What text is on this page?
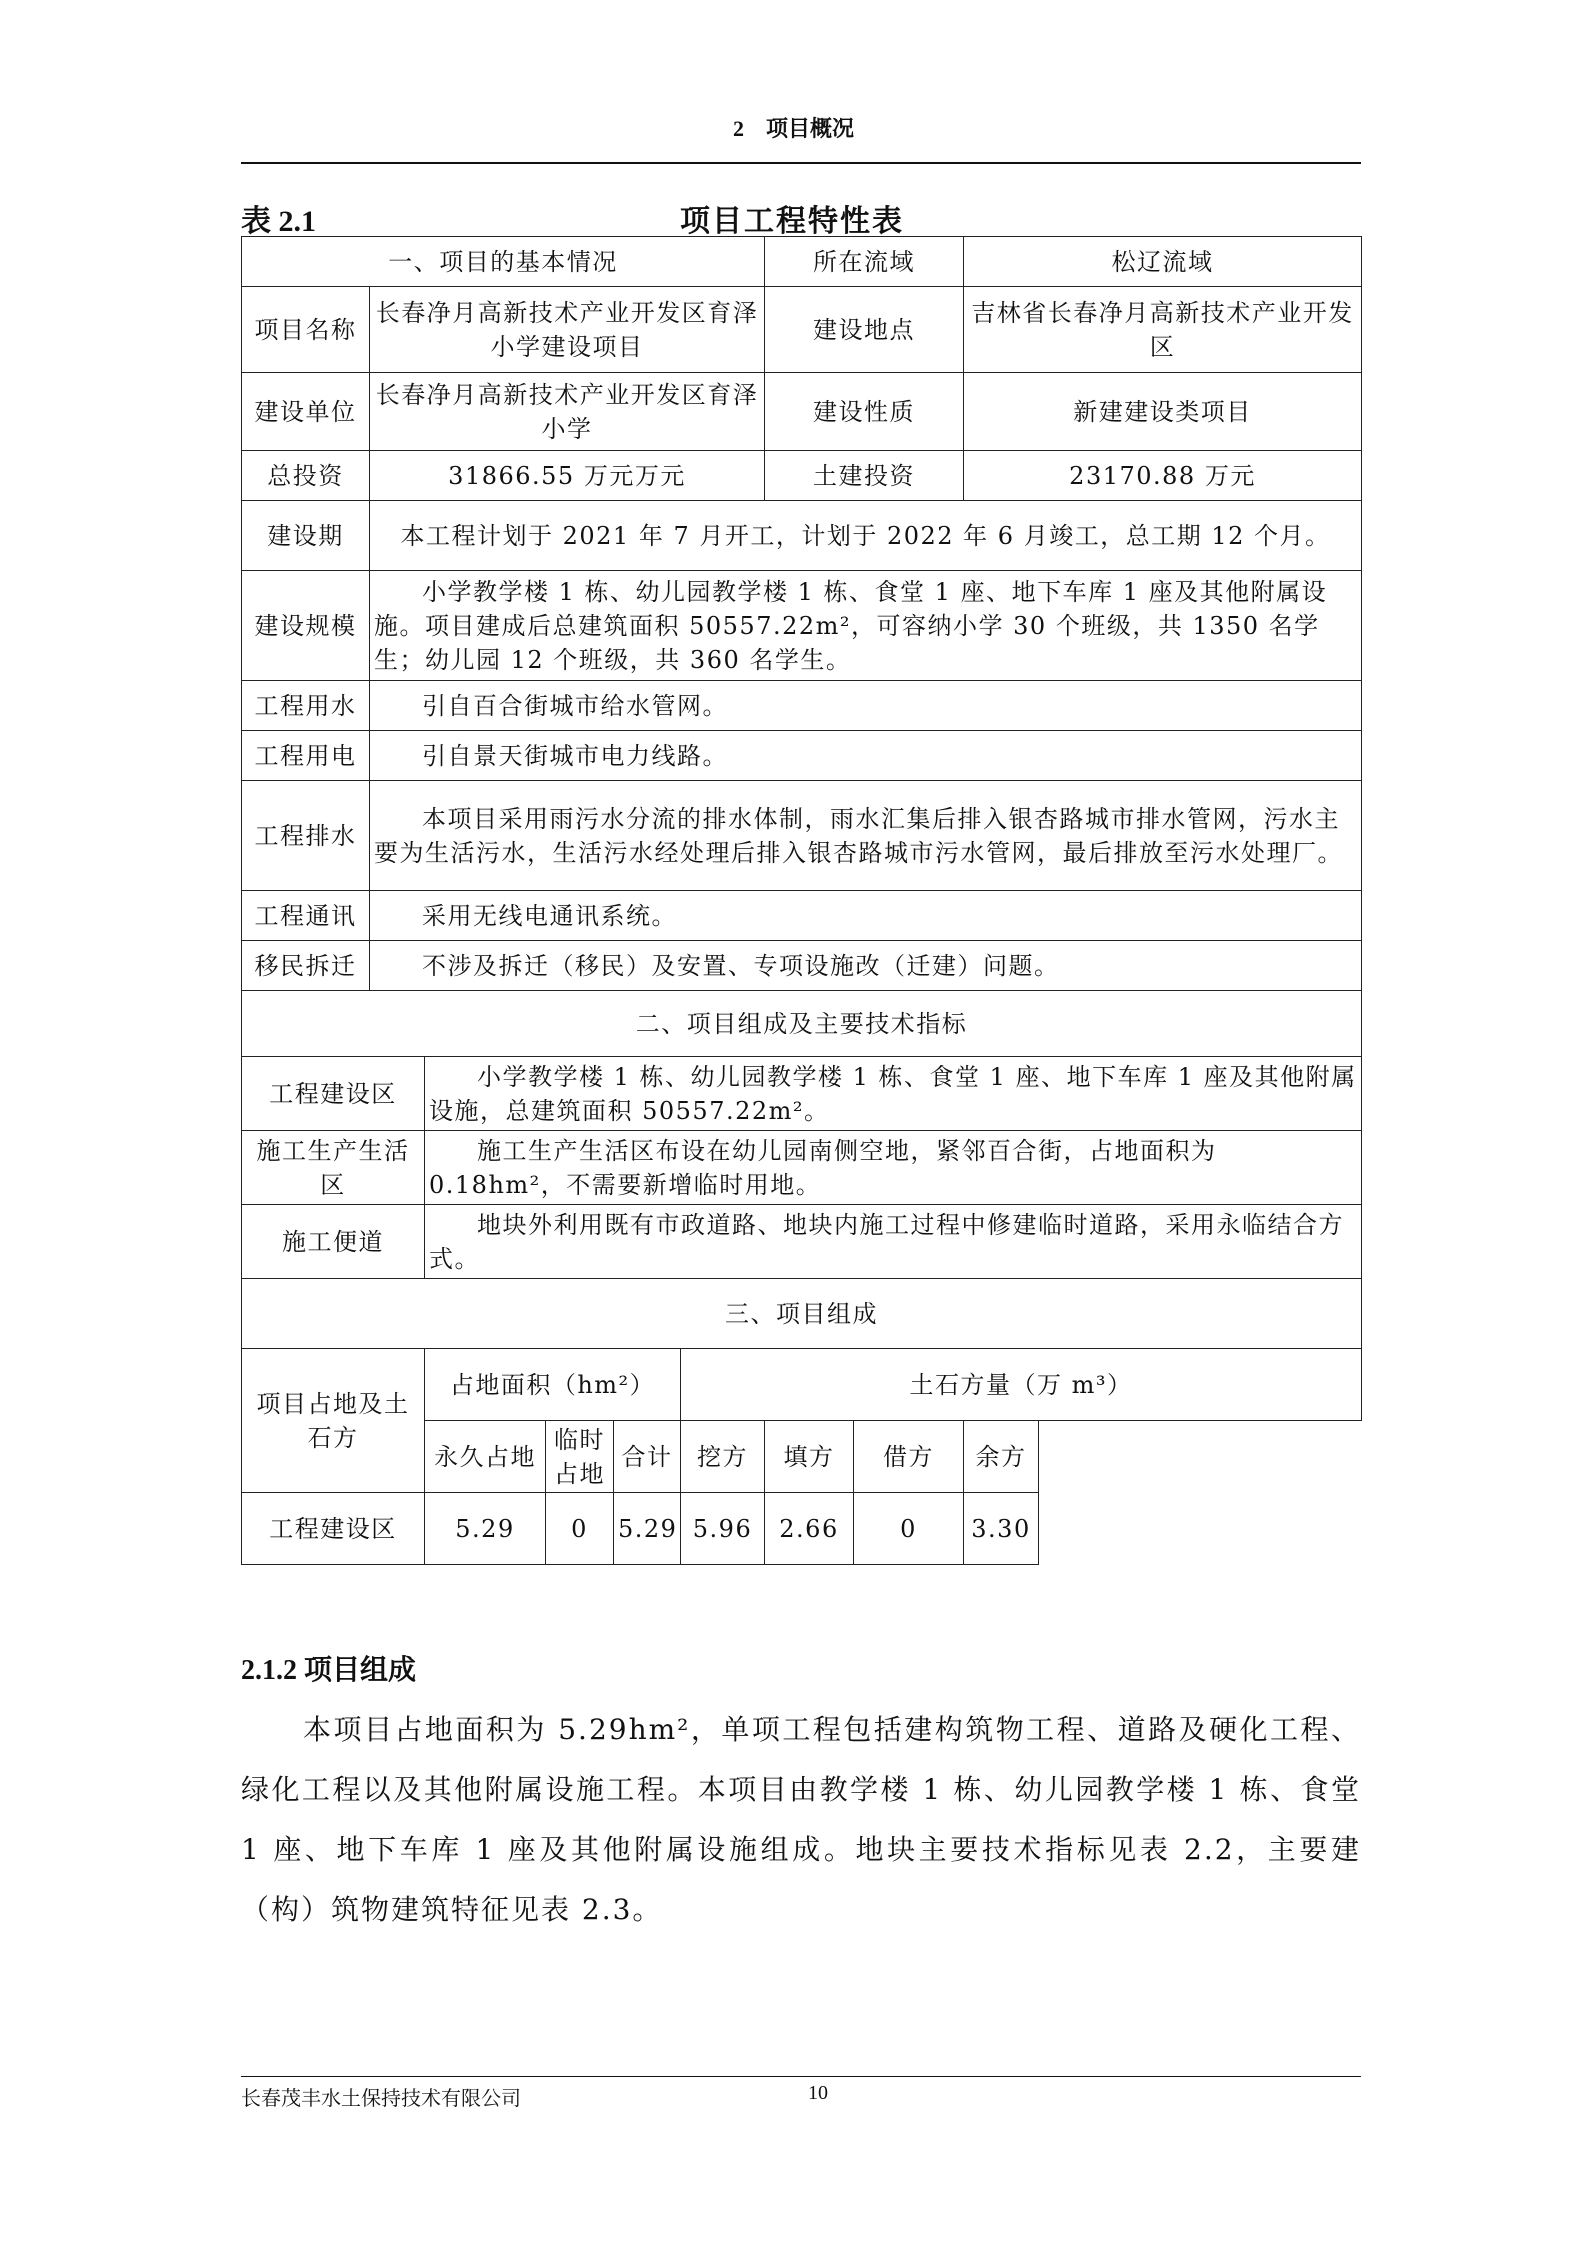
2　项目概况
表 2.1	项目工程特性表
一、项目的基本情况						所在流域		松辽流域
项目名称	长春净月高新技术产业开发区育泽小学建设项目					建设地点		吉林省长春净月高新技术产业开发区
建设单位	长春净月高新技术产业开发区育泽小学					建设性质		新建建设类项目
总投资	31866.55 万元万元					土建投资		23170.88 万元
建设期	本工程计划于 2021 年 7 月开工，计划于 2022 年 6 月竣工，总工期 12 个月。							
建设规模	小学教学楼 1 栋、幼儿园教学楼 1 栋、食堂 1 座、地下车库 1 座及其他附属设施。项目建成后总建筑面积 50557.22m²，可容纳小学 30 个班级，共 1350 名学生；幼儿园 12 个班级，共 360 名学生。							
工程用水	引自百合街城市给水管网。							
工程用电	引自景天街城市电力线路。							
工程排水	本项目采用雨污水分流的排水体制，雨水汇集后排入银杏路城市排水管网，污水主要为生活污水，生活污水经处理后排入银杏路城市污水管网，最后排放至污水处理厂。							
工程通讯	采用无线电通讯系统。							
移民拆迁	不涉及拆迁（移民）及安置、专项设施改（迁建）问题。							
二、项目组成及主要技术指标								
工程建设区		小学教学楼 1 栋、幼儿园教学楼 1 栋、食堂 1 座、地下车库 1 座及其他附属设施，总建筑面积 50557.22m²。						
施工生产生活区		施工生产生活区布设在幼儿园南侧空地，紧邻百合街，占地面积为 0.18hm²，不需要新增临时用地。						
施工便道		地块外利用既有市政道路、地块内施工过程中修建临时道路，采用永临结合方式。						
三、项目组成								
项目占地及土石方		占地面积（hm²）			土石方量（万 m³）			
		永久占地	临时占地	合计	挖方	填方	借方	余方
工程建设区		5.29	0	5.29	5.96	2.66	0	3.30
2.1.2 项目组成
本项目占地面积为 5.29hm²，单项工程包括建构筑物工程、道路及硬化工程、绿化工程以及其他附属设施工程。本项目由教学楼 1 栋、幼儿园教学楼 1 栋、食堂 1 座、地下车库 1 座及其他附属设施组成。地块主要技术指标见表 2.2，主要建（构）筑物建筑特征见表 2.3。
长春茂丰水土保持技术有限公司	10
